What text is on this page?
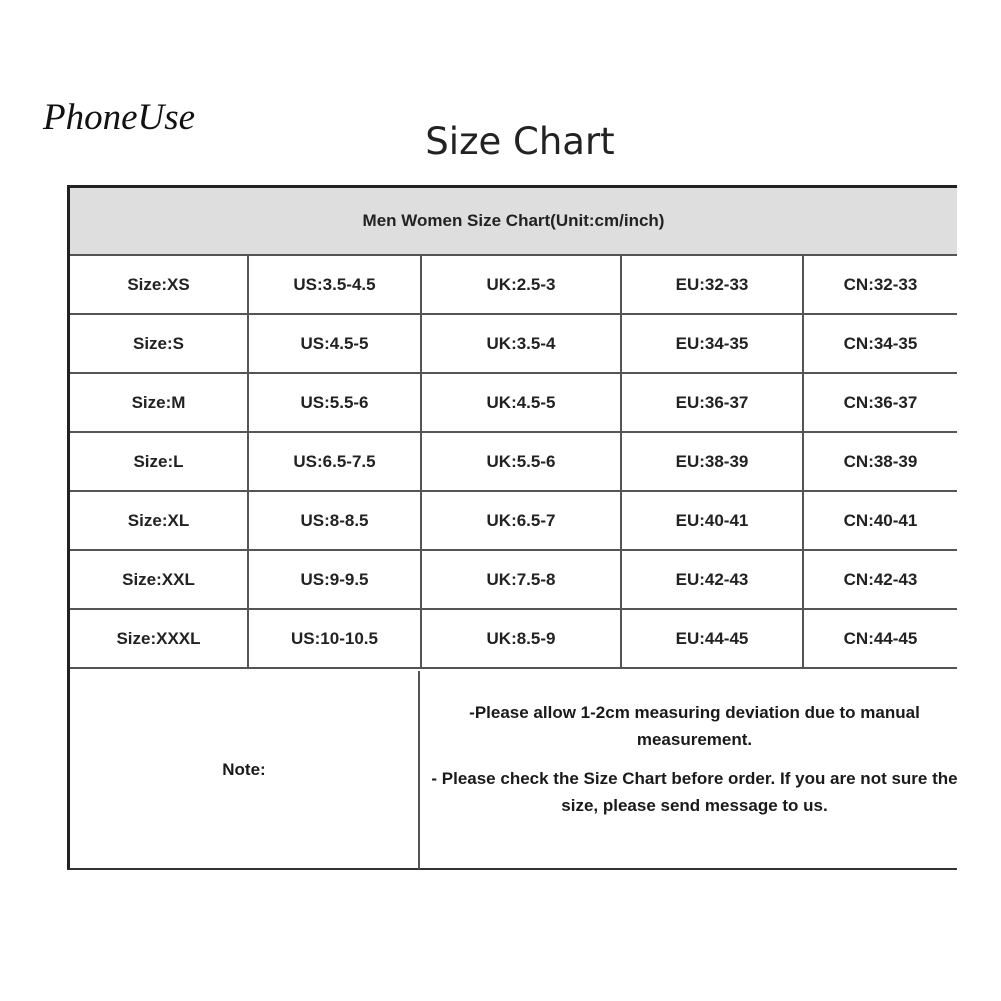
PhoneUse
Size Chart
Men Women Size Chart(Unit:cm/inch)
Size:XS	US:3.5-4.5	UK:2.5-3	EU:32-33	CN:32-33
Size:S	US:4.5-5	UK:3.5-4	EU:34-35	CN:34-35
Size:M	US:5.5-6	UK:4.5-5	EU:36-37	CN:36-37
Size:L	US:6.5-7.5	UK:5.5-6	EU:38-39	CN:38-39
Size:XL	US:8-8.5	UK:6.5-7	EU:40-41	CN:40-41
Size:XXL	US:9-9.5	UK:7.5-8	EU:42-43	CN:42-43
Size:XXXL	US:10-10.5	UK:8.5-9	EU:44-45	CN:44-45
Note:

-Please allow 1-2cm measuring deviation due to manual measurement.

- Please check the Size Chart before order. If you are not sure the size, please send message to us.
